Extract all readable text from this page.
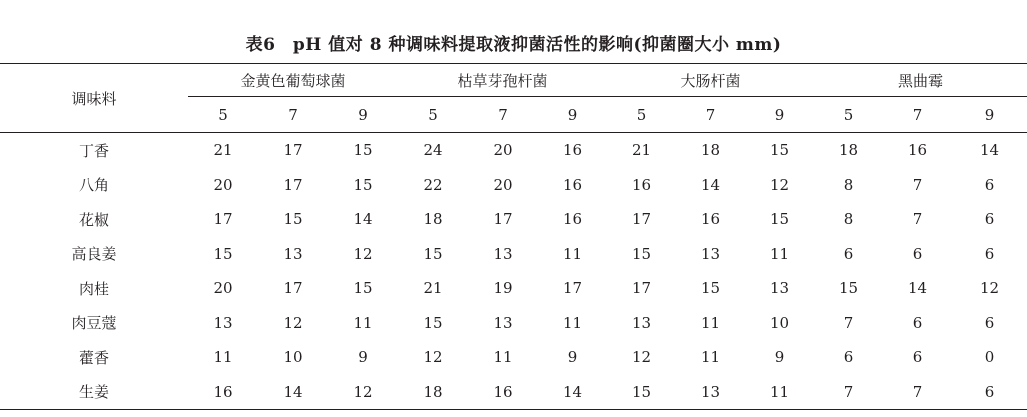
表6　pH 值对 8 种调味料提取液抑菌活性的影响(抑菌圈大小 mm)
调味料	金黄色葡萄球菌			枯草芽孢杆菌			大肠杆菌			黑曲霉		

	5	7	9	5	7	9	5	7	9	5	7	9
丁香	21	17	15	24	20	16	21	18	15	18	16	14
八角	20	17	15	22	20	16	16	14	12	8	7	6
花椒	17	15	14	18	17	16	17	16	15	8	7	6
高良姜	15	13	12	15	13	11	15	13	11	6	6	6
肉桂	20	17	15	21	19	17	17	15	13	15	14	12
肉豆蔻	13	12	11	15	13	11	13	11	10	7	6	6
藿香	11	10	9	12	11	9	12	11	9	6	6	0
生姜	16	14	12	18	16	14	15	13	11	7	7	6
